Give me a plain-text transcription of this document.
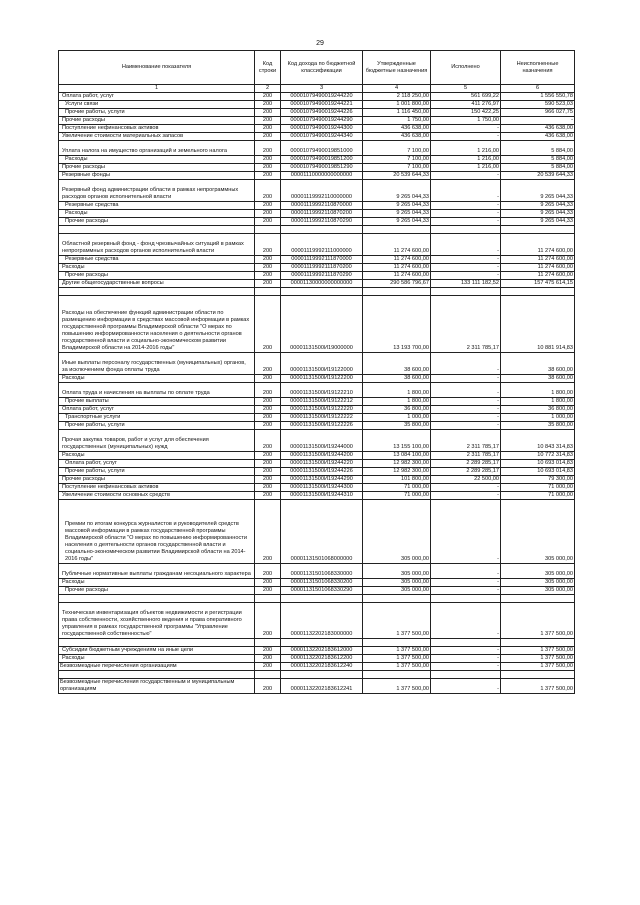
29
Наименование показателя	Код строки	Код дохода по бюджетной классификации	Утвержденные бюджетные назначения	Исполнено	Неисполненные назначения
1	2	3	4	5	6
Оплата работ, услуг	200	00001079490019244220	2 118 250,00	561 699,22	1 556 550,78
Услуги связи	200	00001079490019244221	1 001 800,00	411 276,97	590 523,03
Прочие работы, услуги	200	00001079490019244226	1 116 450,00	150 422,25	966 027,75
Прочие расходы	200	00001079490019244290	1 750,00	1 750,00	-
Поступление нефинансовых активов	200	00001079490019244300	436 638,00	-	436 638,00
Увеличение стоимости материальных запасов	200	00001079490019244340	436 638,00	-	436 638,00
Уплата налога на имущество организаций и земельного налога	200	00001079490019851000	7 100,00	1 216,00	5 884,00
Расходы	200	00001079490019851200	7 100,00	1 216,00	5 884,00
Прочие расходы	200	00001079490019851290	7 100,00	1 216,00	5 884,00
Резервные фонды	200	00001110000000000000	20 539 644,33	-	20 539 644,33
Резервный фонд администрации области в рамках непрограммных расходов органов исполнительной власти	200	00001119992110000000	9 265 044,33	-	9 265 044,33
Резервные средства	200	00001119992110870000	9 265 044,33	-	9 265 044,33
Расходы	200	00001119992110870200	9 265 044,33	-	9 265 044,33
Прочие расходы	200	00001119992110870290	9 265 044,33	-	9 265 044,33

Областной резервный фонд - фонд чрезвычайных ситуаций в рамках непрограммных расходов органов исполнительной власти	200	00001119992111000000	11 274 600,00	-	11 274 600,00
Резервные средства	200	00001119992111870000	11 274 600,00	-	11 274 600,00
Расходы	200	00001119992111870200	11 274 600,00	-	11 274 600,00
Прочие расходы	200	00001119992111870290	11 274 600,00	-	11 274 600,00
Другие общегосударственные вопросы	200	00001130000000000000	290 586 796,67	133 111 182,52	157 475 614,15

Расходы на обеспечение функций администрации области по размещению информации в средствах массовой информации в рамках государственной программы Владимирской области "О мерах по повышению информированности населения о деятельности органов государственной власти и социально-экономическом развитии Владимирской области на 2014-2016 годы"	200	00001131500И19000000	13 193 700,00	2 311 785,17	10 881 914,83
Иные выплаты персоналу государственных (муниципальных) органов, за исключением фонда оплаты труда	200	00001131500И19122000	38 600,00	-	38 600,00
Расходы	200	00001131500И19122200	38 600,00	-	38 600,00
Оплата труда и начисления на выплаты по оплате труда	200	00001131500И19122210	1 800,00	-	1 800,00
Прочие выплаты	200	00001131500И19122212	1 800,00	-	1 800,00
Оплата работ, услуг	200	00001131500И19122220	36 800,00	-	36 800,00
Транспортные услуги	200	00001131500И19122222	1 000,00	-	1 000,00
Прочие работы, услуги	200	00001131500И19122226	35 800,00	-	35 800,00
Прочая закупка товаров, работ и услуг для обеспечения государственных (муниципальных) нужд	200	00001131500И19244000	13 155 100,00	2 311 785,17	10 843 314,83
Расходы	200	00001131500И19244200	13 084 100,00	2 311 785,17	10 772 314,83
Оплата работ, услуг	200	00001131500И19244220	12 982 300,00	2 289 285,17	10 693 014,83
Прочие работы, услуги	200	00001131500И19244226	12 982 300,00	2 289 285,17	10 693 014,83
Прочие расходы	200	00001131500И19244290	101 800,00	22 500,00	79 300,00
Поступление нефинансовых активов	200	00001131500И19244300	71 000,00	-	71 000,00
Увеличение стоимости основных средств	200	00001131500И19244310	71 000,00	-	71 000,00
Премии по итогам конкурса журналистов и руководителей средств массовой информации в рамках государственной программы Владимирской области "О мерах по повышению информированности населения о деятельности органов государственной власти и социально-экономическом развитии Владимирской области на 2014-2016 годы"	200	00001131501068000000	305 000,00	-	305 000,00
Публичные нормативные выплаты гражданам несоциального характера	200	00001131501068330000	305 000,00	-	305 000,00
Расходы	200	00001131501068330200	305 000,00	-	305 000,00
Прочие расходы	200	00001131501068330290	305 000,00	-	305 000,00

Техническая инвентаризация объектов недвижимости и регистрации права собственности, хозяйственного ведения и права оперативного управления в рамках государственной программы "Управление государственной собственностью"	200	00001132202183000000	1 377 500,00	-	1 377 500,00

Субсидии бюджетным учреждениям на иные цели	200	00001132202183612000	1 377 500,00	-	1 377 500,00
Расходы	200	00001132202183612200	1 377 500,00	-	1 377 500,00
Безвозмездные перечисления организациям	200	00001132202183612240	1 377 500,00	-	1 377 500,00

Безвозмездные перечисления государственным и муниципальным организациям	200	00001132202183612241	1 377 500,00	-	1 377 500,00
